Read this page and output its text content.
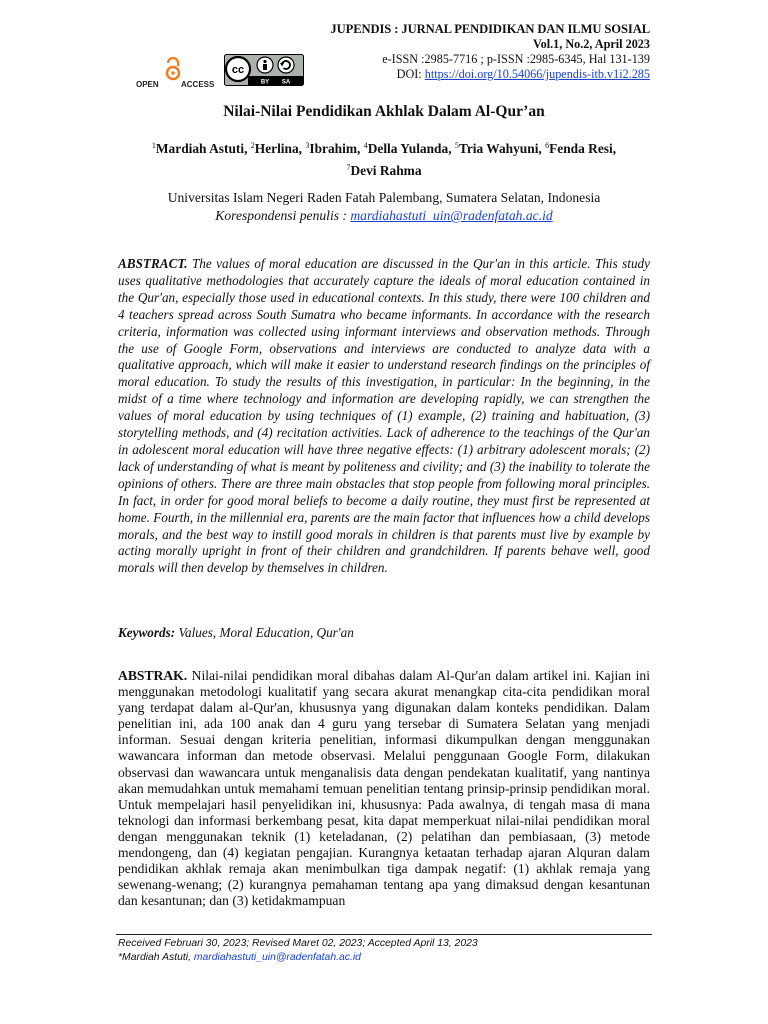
OPEN	ACCESS
cc
BY SA
JUPENDIS : JURNAL PENDIDIKAN DAN ILMU SOSIAL
Vol.1, No.2, April 2023
e-ISSN :2985-7716 ; p-ISSN :2985-6345, Hal 131-139
DOI: https://doi.org/10.54066/jupendis-itb.v1i2.285
Nilai-Nilai Pendidikan Akhlak Dalam Al-Qur’an
$^1$Mardiah Astuti, $^2$Herlina, $^3$Ibrahim, $^4$Della Yulanda, $^5$Tria Wahyuni, $^6$Fenda Resi,
$^7$Devi Rahma
Universitas Islam Negeri Raden Fatah Palembang, Sumatera Selatan, Indonesia
Korespondensi penulis : mardiahastuti_uin@radenfatah.ac.id
ABSTRACT. The values of moral education are discussed in the Qur'an in this article. This study uses qualitative methodologies that accurately capture the ideals of moral education contained in the Qur'an, especially those used in educational contexts. In this study, there were 100 children and 4 teachers spread across South Sumatra who became informants. In accordance with the research criteria, information was collected using informant interviews and observation methods. Through the use of Google Form, observations and interviews are conducted to analyze data with a qualitative approach, which will make it easier to understand research findings on the principles of moral education. To study the results of this investigation, in particular: In the beginning, in the midst of a time where technology and information are developing rapidly, we can strengthen the values of moral education by using techniques of (1) example, (2) training and habituation, (3) storytelling methods, and (4) recitation activities. Lack of adherence to the teachings of the Qur'an in adolescent moral education will have three negative effects: (1) arbitrary adolescent morals; (2) lack of understanding of what is meant by politeness and civility; and (3) the inability to tolerate the opinions of others. There are three main obstacles that stop people from following moral principles. In fact, in order for good moral beliefs to become a daily routine, they must first be represented at home. Fourth, in the millennial era, parents are the main factor that influences how a child develops morals, and the best way to instill good morals in children is that parents must live by example by acting morally upright in front of their children and grandchildren. If parents behave well, good morals will then develop by themselves in children.
Keywords: Values, Moral Education, Qur'an
ABSTRAK. Nilai-nilai pendidikan moral dibahas dalam Al-Qur'an dalam artikel ini. Kajian ini menggunakan metodologi kualitatif yang secara akurat menangkap cita-cita pendidikan moral yang terdapat dalam al-Qur'an, khususnya yang digunakan dalam konteks pendidikan. Dalam penelitian ini, ada 100 anak dan 4 guru yang tersebar di Sumatera Selatan yang menjadi informan. Sesuai dengan kriteria penelitian, informasi dikumpulkan dengan menggunakan wawancara informan dan metode observasi. Melalui penggunaan Google Form, dilakukan observasi dan wawancara untuk menganalisis data dengan pendekatan kualitatif, yang nantinya akan memudahkan untuk memahami temuan penelitian tentang prinsip-prinsip pendidikan moral. Untuk mempelajari hasil penyelidikan ini, khususnya: Pada awalnya, di tengah masa di mana teknologi dan informasi berkembang pesat, kita dapat memperkuat nilai-nilai pendidikan moral dengan menggunakan teknik (1) keteladanan, (2) pelatihan dan pembiasaan, (3) metode mendongeng, dan (4) kegiatan pengajian. Kurangnya ketaatan terhadap ajaran Alquran dalam pendidikan akhlak remaja akan menimbulkan tiga dampak negatif: (1) akhlak remaja yang sewenang-wenang; (2) kurangnya pemahaman tentang apa yang dimaksud dengan kesantunan dan kesantunan; dan (3) ketidakmampuan
Received Februari 30, 2023; Revised Maret 02, 2023; Accepted April 13, 2023
*Mardiah Astuti, mardiahastuti_uin@radenfatah.ac.id
